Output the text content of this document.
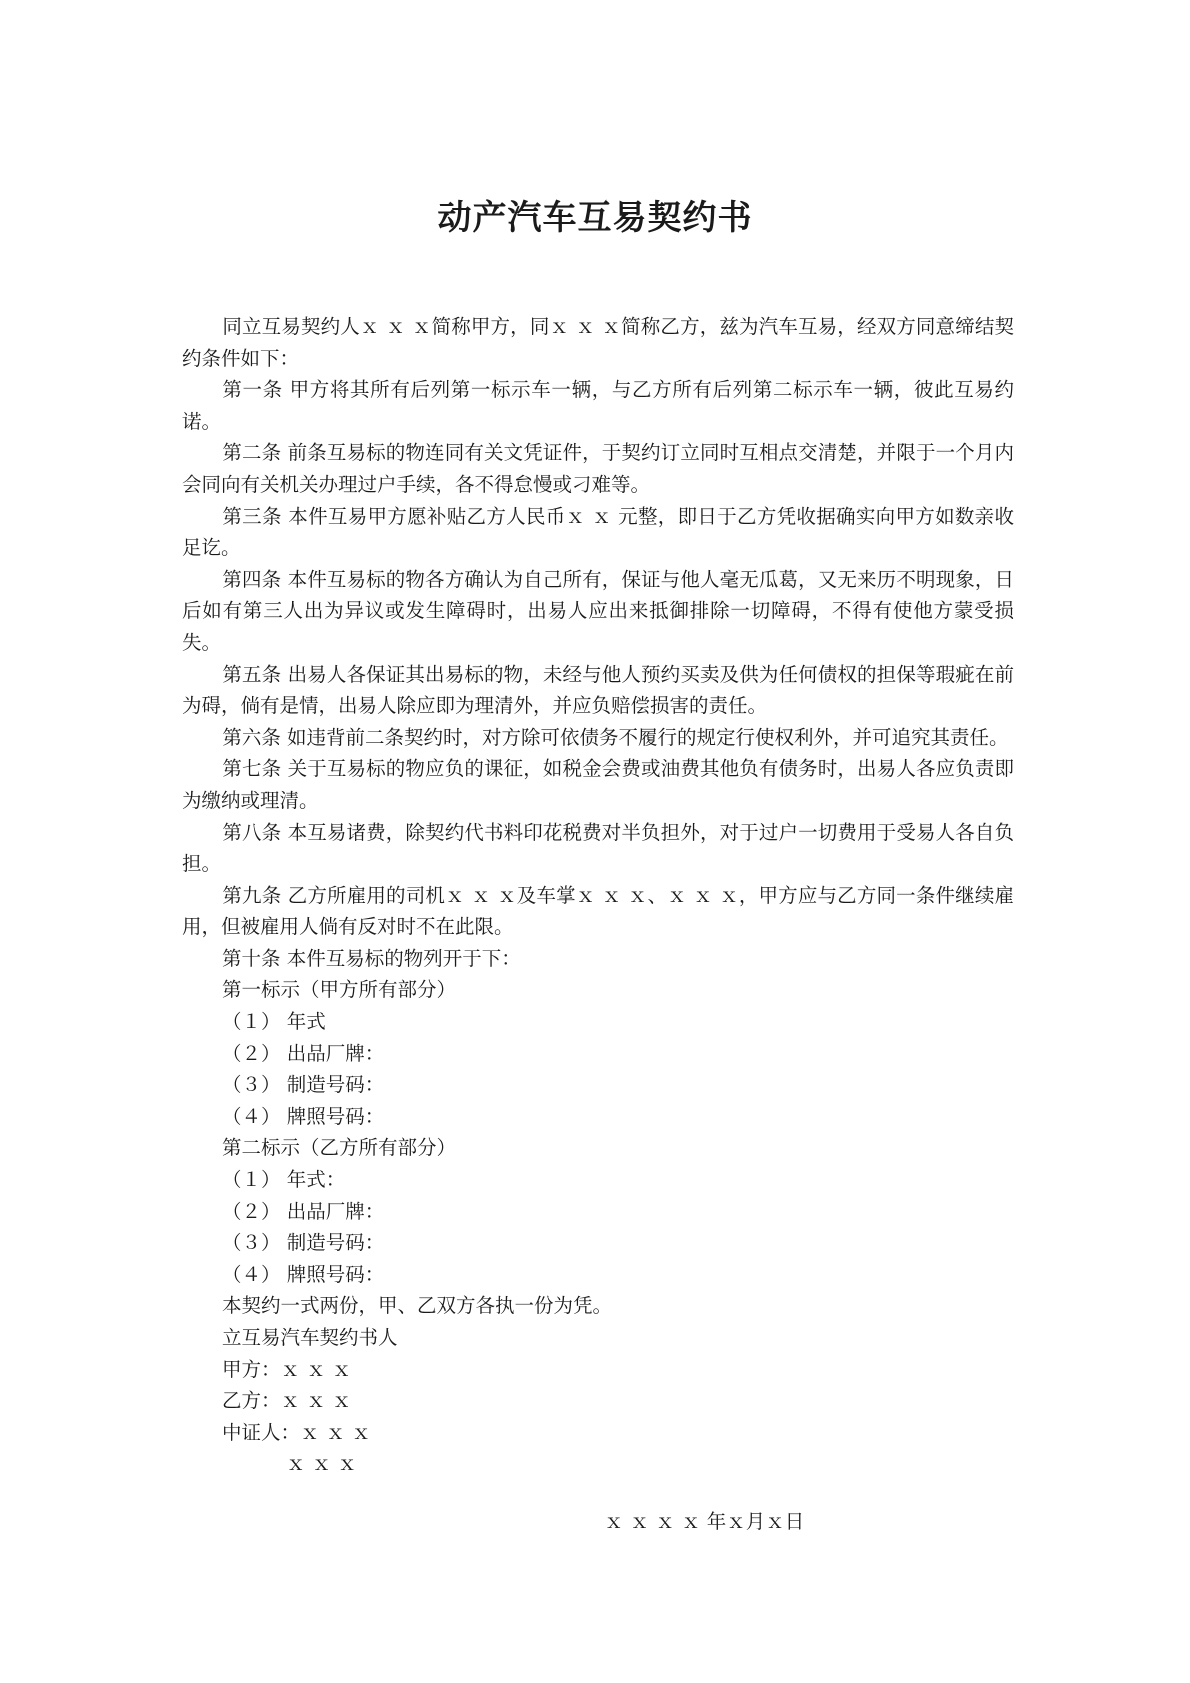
动产汽车互易契约书

同立互易契约人ｘ ｘ ｘ简称甲方，同ｘ ｘ ｘ简称乙方，兹为汽车互易，经双方同意缔结契约条件如下：

第一条 甲方将其所有后列第一标示车一辆，与乙方所有后列第二标示车一辆，彼此互易约诺。

第二条 前条互易标的物连同有关文凭证件，于契约订立同时互相点交清楚，并限于一个月内会同向有关机关办理过户手续，各不得怠慢或刁难等。

第三条 本件互易甲方愿补贴乙方人民币ｘ ｘ 元整，即日于乙方凭收据确实向甲方如数亲收足讫。

第四条 本件互易标的物各方确认为自己所有，保证与他人毫无瓜葛，又无来历不明现象，日后如有第三人出为异议或发生障碍时，出易人应出来抵御排除一切障碍，不得有使他方蒙受损失。

第五条 出易人各保证其出易标的物，未经与他人预约买卖及供为任何债权的担保等瑕疵在前为碍，倘有是情，出易人除应即为理清外，并应负赔偿损害的责任。

第六条 如违背前二条契约时，对方除可依债务不履行的规定行使权利外，并可追究其责任。

第七条 关于互易标的物应负的课征，如税金会费或油费其他负有债务时，出易人各应负责即为缴纳或理清。

第八条 本互易诸费，除契约代书料印花税费对半负担外，对于过户一切费用于受易人各自负担。

第九条 乙方所雇用的司机ｘ ｘ ｘ及车掌ｘ ｘ ｘ、ｘ ｘ ｘ，甲方应与乙方同一条件继续雇用，但被雇用人倘有反对时不在此限。

第十条 本件互易标的物列开于下：

第一标示（甲方所有部分）

（１） 年式

（２） 出品厂牌：

（３） 制造号码：

（４） 牌照号码：

第二标示（乙方所有部分）

（１） 年式：

（２） 出品厂牌：

（３） 制造号码：

（４） 牌照号码：

本契约一式两份，甲、乙双方各执一份为凭。

立互易汽车契约书人

甲方：ｘ ｘ ｘ

乙方：ｘ ｘ ｘ

中证人：ｘ ｘ ｘ

ｘ ｘ ｘ

ｘ ｘ ｘ ｘ 年ｘ月ｘ日
